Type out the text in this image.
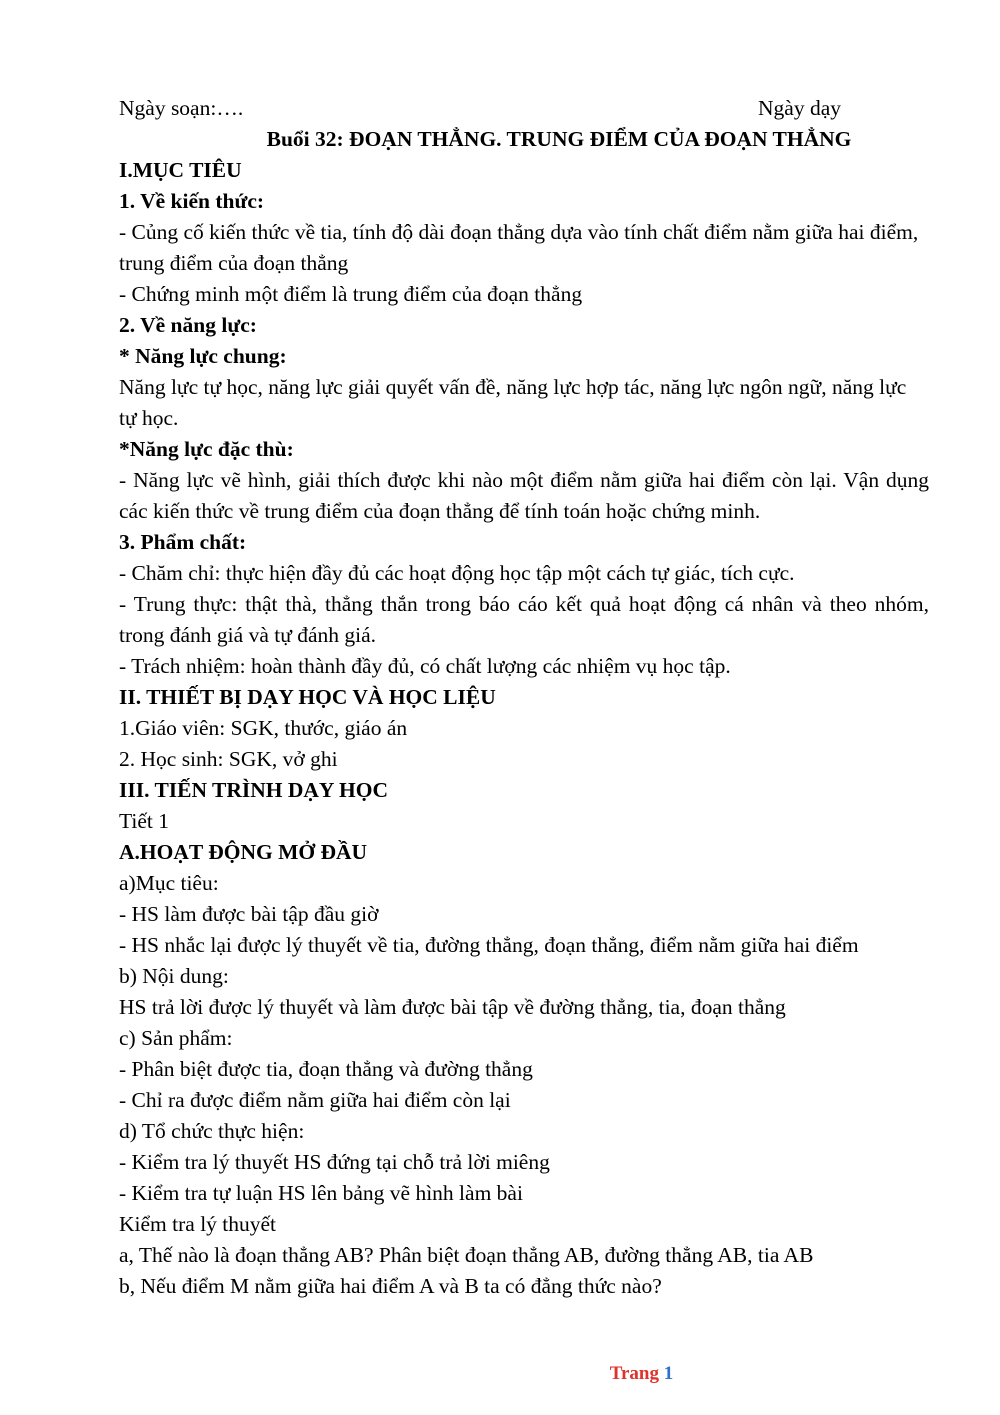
Ngày soạn:….	Ngày dạy

Buổi 32: ĐOẠN THẲNG. TRUNG ĐIỂM CỦA ĐOẠN THẲNG

I.MỤC TIÊU

1. Về kiến thức:

- Củng cố kiến thức về tia, tính độ dài đoạn thẳng dựa vào tính chất điểm nằm giữa hai điểm, trung điểm của đoạn thẳng

- Chứng minh một điểm là trung điểm của đoạn thẳng

2. Về năng lực:

* Năng lực chung:

Năng lực tự học, năng lực giải quyết vấn đề, năng lực hợp tác, năng lực ngôn ngữ, năng lực tự học.

*Năng lực đặc thù:

- Năng lực vẽ hình, giải thích được khi nào một điểm nằm giữa hai điểm còn lại. Vận dụng các kiến thức về trung điểm của đoạn thẳng để tính toán hoặc chứng minh.

3. Phẩm chất:

- Chăm chỉ: thực hiện đầy đủ các hoạt động học tập một cách tự giác, tích cực.

- Trung thực: thật thà, thẳng thắn trong báo cáo kết quả hoạt động cá nhân và theo nhóm, trong đánh giá và tự đánh giá.

- Trách nhiệm: hoàn thành đầy đủ, có chất lượng các nhiệm vụ học tập.

II. THIẾT BỊ DẠY HỌC VÀ HỌC LIỆU

1.Giáo viên: SGK, thước, giáo án

2. Học sinh: SGK, vở ghi

III. TIẾN TRÌNH DẠY HỌC

Tiết 1

A.HOẠT ĐỘNG MỞ ĐẦU

a)Mục tiêu:

- HS làm được bài tập đầu giờ

- HS nhắc lại được lý thuyết về tia, đường thẳng, đoạn thẳng, điểm nằm giữa hai điểm

b) Nội dung:

HS trả lời được lý thuyết và làm được bài tập về đường thẳng, tia, đoạn thẳng

c) Sản phẩm:

- Phân biệt được tia, đoạn thẳng và đường thẳng

- Chỉ ra được điểm nằm giữa hai điểm còn lại

d) Tổ chức thực hiện:

- Kiểm tra lý thuyết HS đứng tại chỗ trả lời miêng

- Kiểm tra tự luận HS lên bảng vẽ hình làm bài

Kiểm tra lý thuyết

a, Thế nào là đoạn thẳng AB? Phân biệt đoạn thẳng AB, đường thẳng AB, tia AB

b, Nếu điểm M nằm giữa hai điểm A và B ta có đẳng thức nào?

Trang 1
